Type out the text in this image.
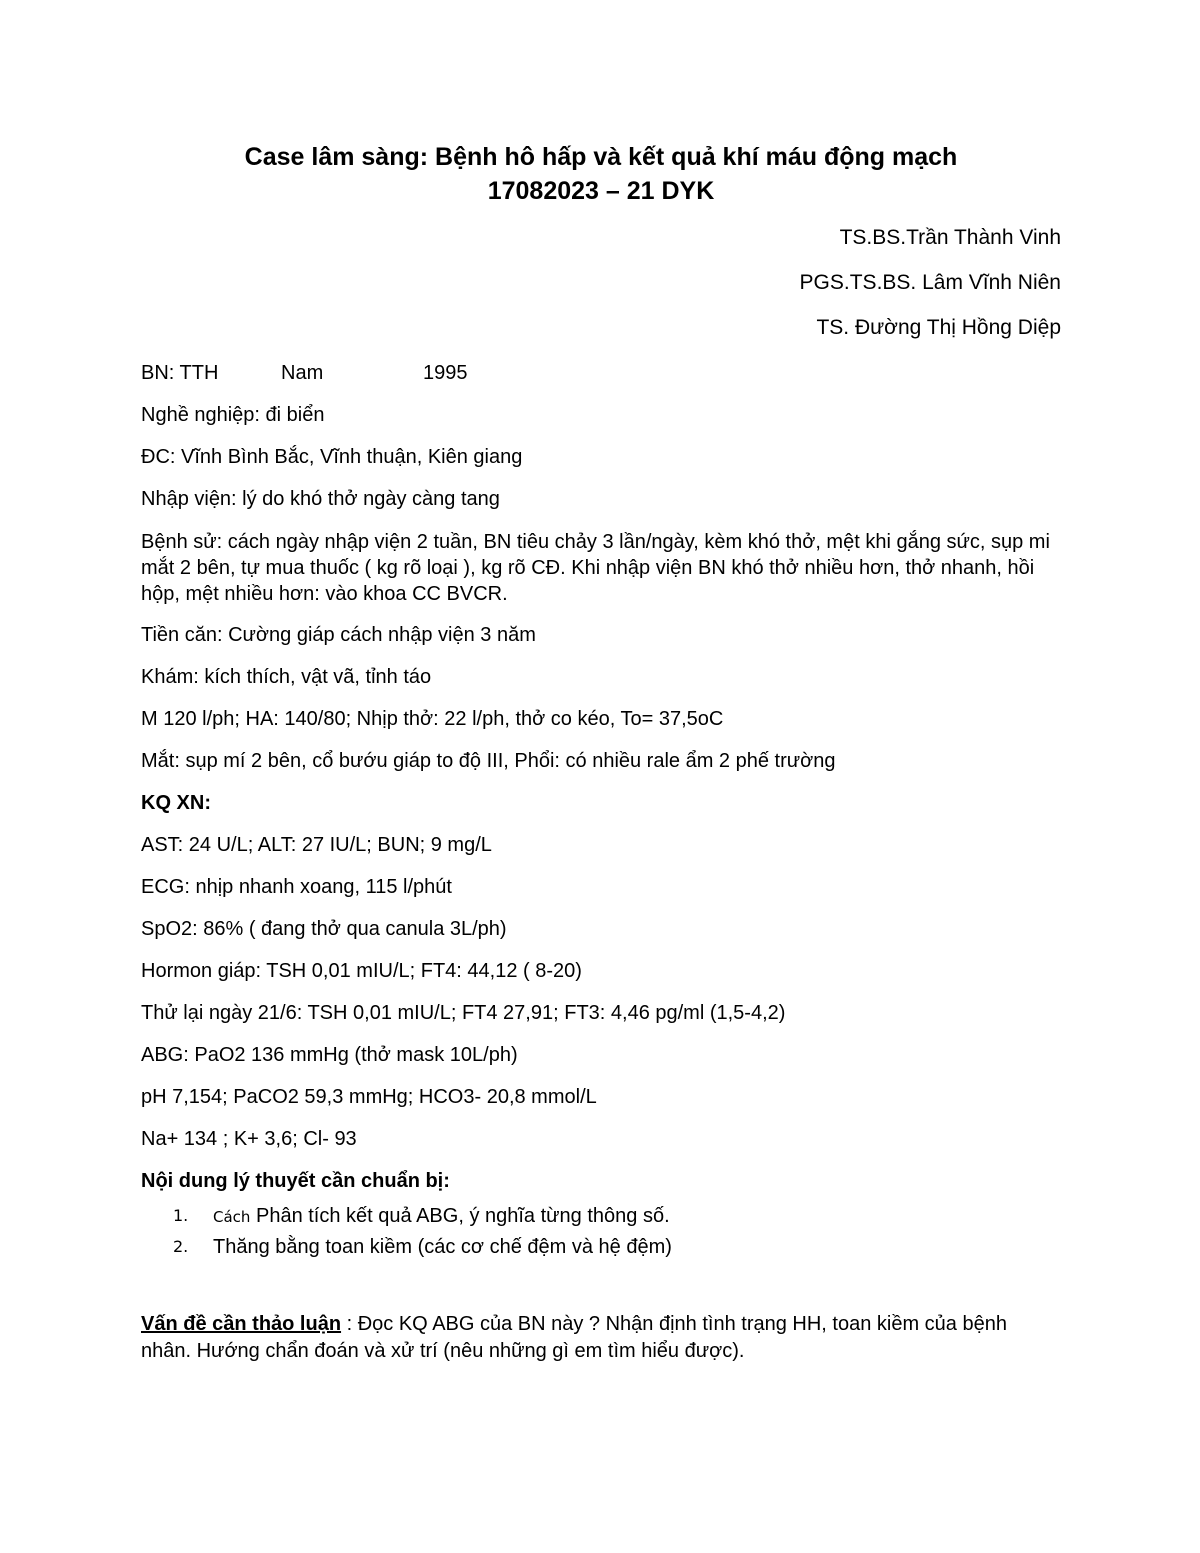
Case lâm sàng: Bệnh hô hấp và kết quả khí máu động mạch
17082023 – 21 DYK

TS.BS.Trần Thành Vinh

PGS.TS.BS. Lâm Vĩnh Niên

TS. Đường Thị Hồng Diệp

BN: TTH	Nam	1995

Nghề nghiệp: đi biển

ĐC: Vĩnh Bình Bắc, Vĩnh thuận, Kiên giang

Nhập viện: lý do khó thở ngày càng tang

Bệnh sử: cách ngày nhập viện 2 tuần, BN tiêu chảy 3 lần/ngày, kèm khó thở, mệt khi gắng sức, sụp mi mắt 2 bên, tự mua thuốc ( kg rõ loại ), kg rõ CĐ. Khi nhập viện BN khó thở nhiều hơn, thở nhanh, hồi hộp, mệt nhiều hơn: vào khoa CC BVCR.

Tiền căn: Cường giáp cách nhập viện 3 năm

Khám: kích thích, vật vã, tỉnh táo

M 120 l/ph; HA: 140/80; Nhịp thở: 22 l/ph, thở co kéo, To= 37,5oC

Mắt: sụp mí 2 bên, cổ bướu giáp to độ III, Phổi: có nhiều rale ẩm 2 phế trường

KQ XN:

AST: 24 U/L; ALT: 27 IU/L; BUN; 9 mg/L

ECG: nhịp nhanh xoang, 115 l/phút

SpO2: 86% ( đang thở qua canula 3L/ph)

Hormon giáp: TSH 0,01 mIU/L; FT4: 44,12 ( 8-20)

Thử lại ngày 21/6: TSH 0,01 mIU/L; FT4 27,91; FT3: 4,46 pg/ml (1,5-4,2)

ABG: PaO2 136 mmHg (thở mask 10L/ph)

pH 7,154; PaCO2 59,3 mmHg; HCO3- 20,8 mmol/L

Na+ 134 ; K+ 3,6; Cl- 93

Nội dung lý thuyết cần chuẩn bị:

1. Cách Phân tích kết quả ABG, ý nghĩa từng thông số.
2. Thăng bằng toan kiềm (các cơ chế đệm và hệ đệm)

Vấn đề cần thảo luận : Đọc KQ ABG của BN này ? Nhận định tình trạng HH, toan kiềm của bệnh nhân. Hướng chẩn đoán và xử trí (nêu những gì em tìm hiểu được).
